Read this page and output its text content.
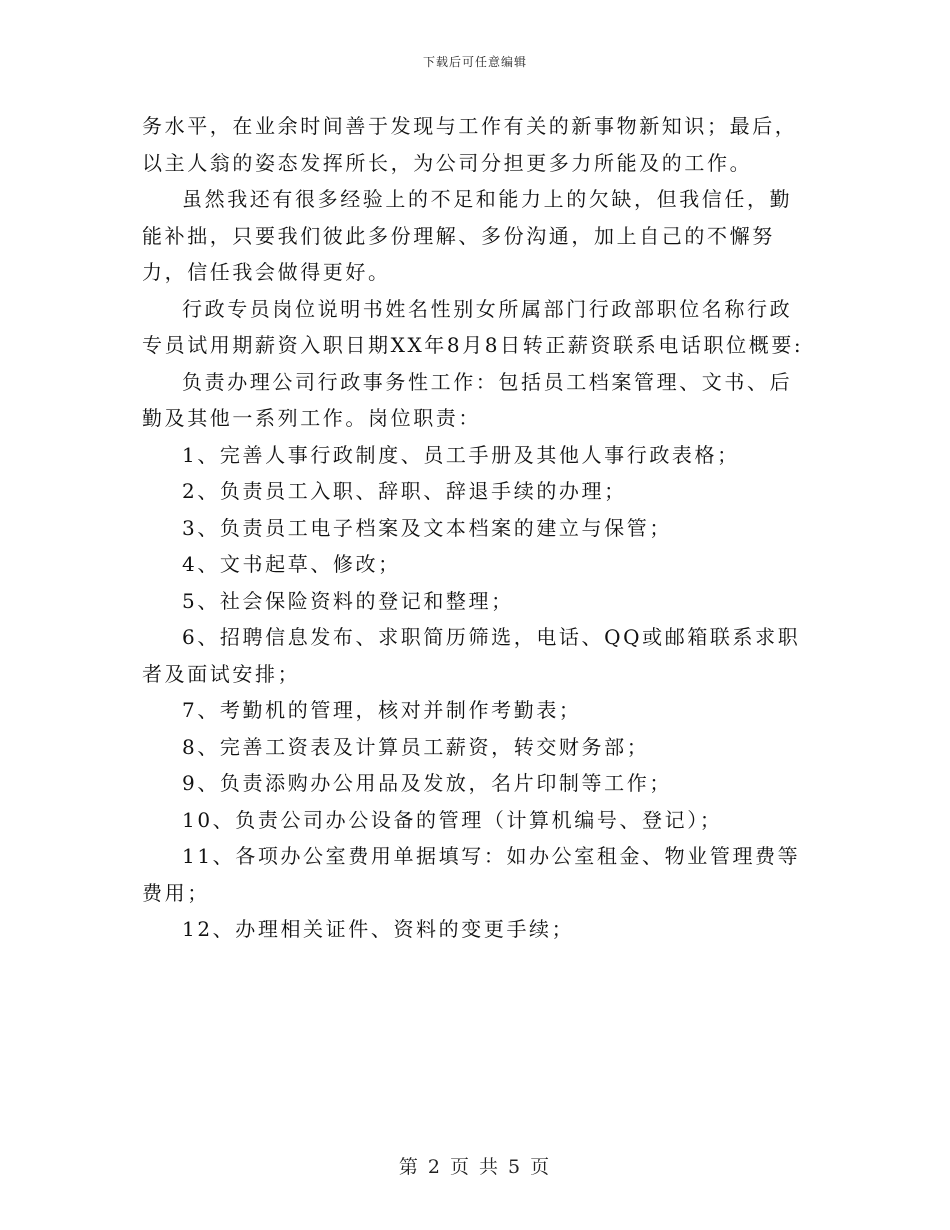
下载后可任意编辑

务水平，在业余时间善于发现与工作有关的新事物新知识；最后，以主人翁的姿态发挥所长，为公司分担更多力所能及的工作。

虽然我还有很多经验上的不足和能力上的欠缺，但我信任，勤能补拙，只要我们彼此多份理解、多份沟通，加上自己的不懈努力，信任我会做得更好。

行政专员岗位说明书姓名性别女所属部门行政部职位名称行政专员试用期薪资入职日期XX年8月8日转正薪资联系电话职位概要:

负责办理公司行政事务性工作：包括员工档案管理、文书、后勤及其他一系列工作。岗位职责：

1、完善人事行政制度、员工手册及其他人事行政表格；

2、负责员工入职、辞职、辞退手续的办理；

3、负责员工电子档案及文本档案的建立与保管；

4、文书起草、修改；

5、社会保险资料的登记和整理；

6、招聘信息发布、求职简历筛选，电话、QQ或邮箱联系求职者及面试安排；

7、考勤机的管理，核对并制作考勤表；

8、完善工资表及计算员工薪资，转交财务部；

9、负责添购办公用品及发放，名片印制等工作；

10、负责公司办公设备的管理（计算机编号、登记）；

11、各项办公室费用单据填写：如办公室租金、物业管理费等费用；

12、办理相关证件、资料的变更手续；

第 2 页 共 5 页
